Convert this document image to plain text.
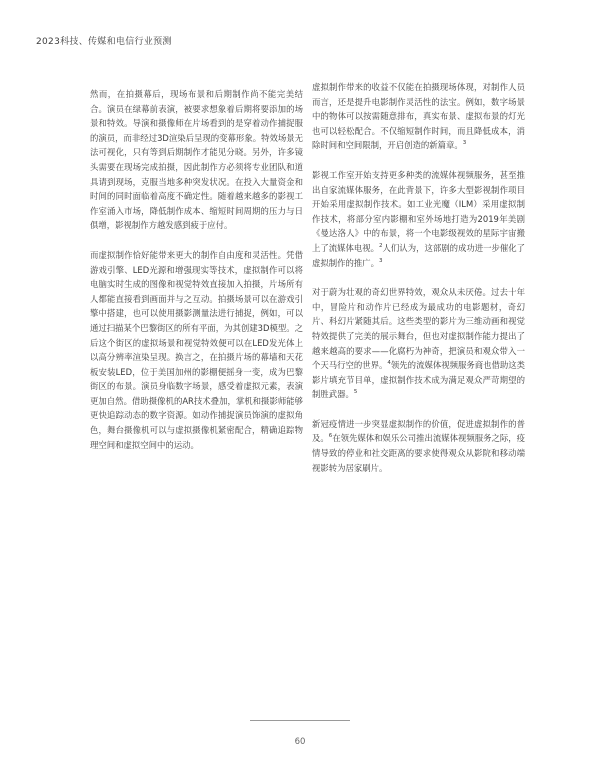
2023科技、传媒和电信行业预测

然而，在拍摄幕后，现场布景和后期制作尚不能完美结合。演员在绿幕前表演，被要求想象着后期将要添加的场景和特效。导演和摄像师在片场看到的是穿着动作捕捉服的演员，而非经过3D渲染后呈现的变幕形象。特效场景无法可视化，只有等到后期制作才能见分晓。另外，许多镜头需要在现场完成拍摄，因此制作方必须将专业团队和道具请到现场，克服当地多种突发状况。在投入大量资金和时间的同时面临着高度不确定性。随着越来越多的影视工作室涌入市场，降低制作成本、缩短时间周期的压力与日俱增，影视制作方越发感到疲于应付。

而虚拟制作恰好能带来更大的制作自由度和灵活性。凭借游戏引擎、LED光源和增强现实等技术，虚拟制作可以将电脑实时生成的图像和视觉特效直接加入拍摄，片场所有人都能直接看到画面并与之互动。拍摄场景可以在游戏引擎中搭建，也可以使用摄影测量法进行捕捉，例如，可以通过扫描某个巴黎街区的所有平面，为其创建3D模型。之后这个街区的虚拟场景和视觉特效便可以在LED发光体上以高分辨率渲染呈现。换言之，在拍摄片场的幕墙和天花板安装LED，位于美国加州的影棚便摇身一变，成为巴黎街区的布景。演员身临数字场景，感受着虚拟元素，表演更加自然。借助摄像机的AR技术叠加，掌机和摄影师能够更快追踪动态的数字资源。如动作捕捉演员饰演的虚拟角色，舞台摄像机可以与虚拟摄像机紧密配合，精确追踪物理空间和虚拟空间中的运动。

虚拟制作带来的收益不仅能在拍摄现场体现，对制作人员而言，还是提升电影制作灵活性的法宝。例如，数字场景中的物体可以按需随意排布，真实布景、虚拟布景的灯光也可以轻松配合。不仅缩短制作时间，而且降低成本，消除时间和空间限制，开启创造的新篇章。$^3$

影视工作室开始支持更多种类的流媒体视频服务，甚至推出自家流媒体服务，在此背景下，许多大型影视制作项目开始采用虚拟制作技术。如工业光魔（ILM）采用虚拟制作技术，将部分室内影棚和室外场地打造为2019年美剧《曼达洛人》中的布景，将一个电影级视效的星际宇宙搬上了流媒体电视。$^2$人们认为，这部剧的成功进一步催化了虚拟制作的推广。$^3$

对于蔚为壮观的奇幻世界特效，观众从未厌倦。过去十年中，冒险片和动作片已经成为最成功的电影题材，奇幻片、科幻片紧随其后。这些类型的影片为三维动画和视觉特效提供了完美的展示舞台，但也对虚拟制作能力提出了越来越高的要求——化腐朽为神奇，把演员和观众带入一个天马行空的世界。$^4$领先的流媒体视频服务商也借助这类影片填充节目单，虚拟制作技术成为满足观众严苛期望的制胜武器。$^5$

新冠疫情进一步突显虚拟制作的价值，促进虚拟制作的普及。$^6$在领先媒体和娱乐公司推出流媒体视频服务之际，疫情导致的停业和社交距离的要求使得观众从影院和移动端视影转为居家刷片。

60
